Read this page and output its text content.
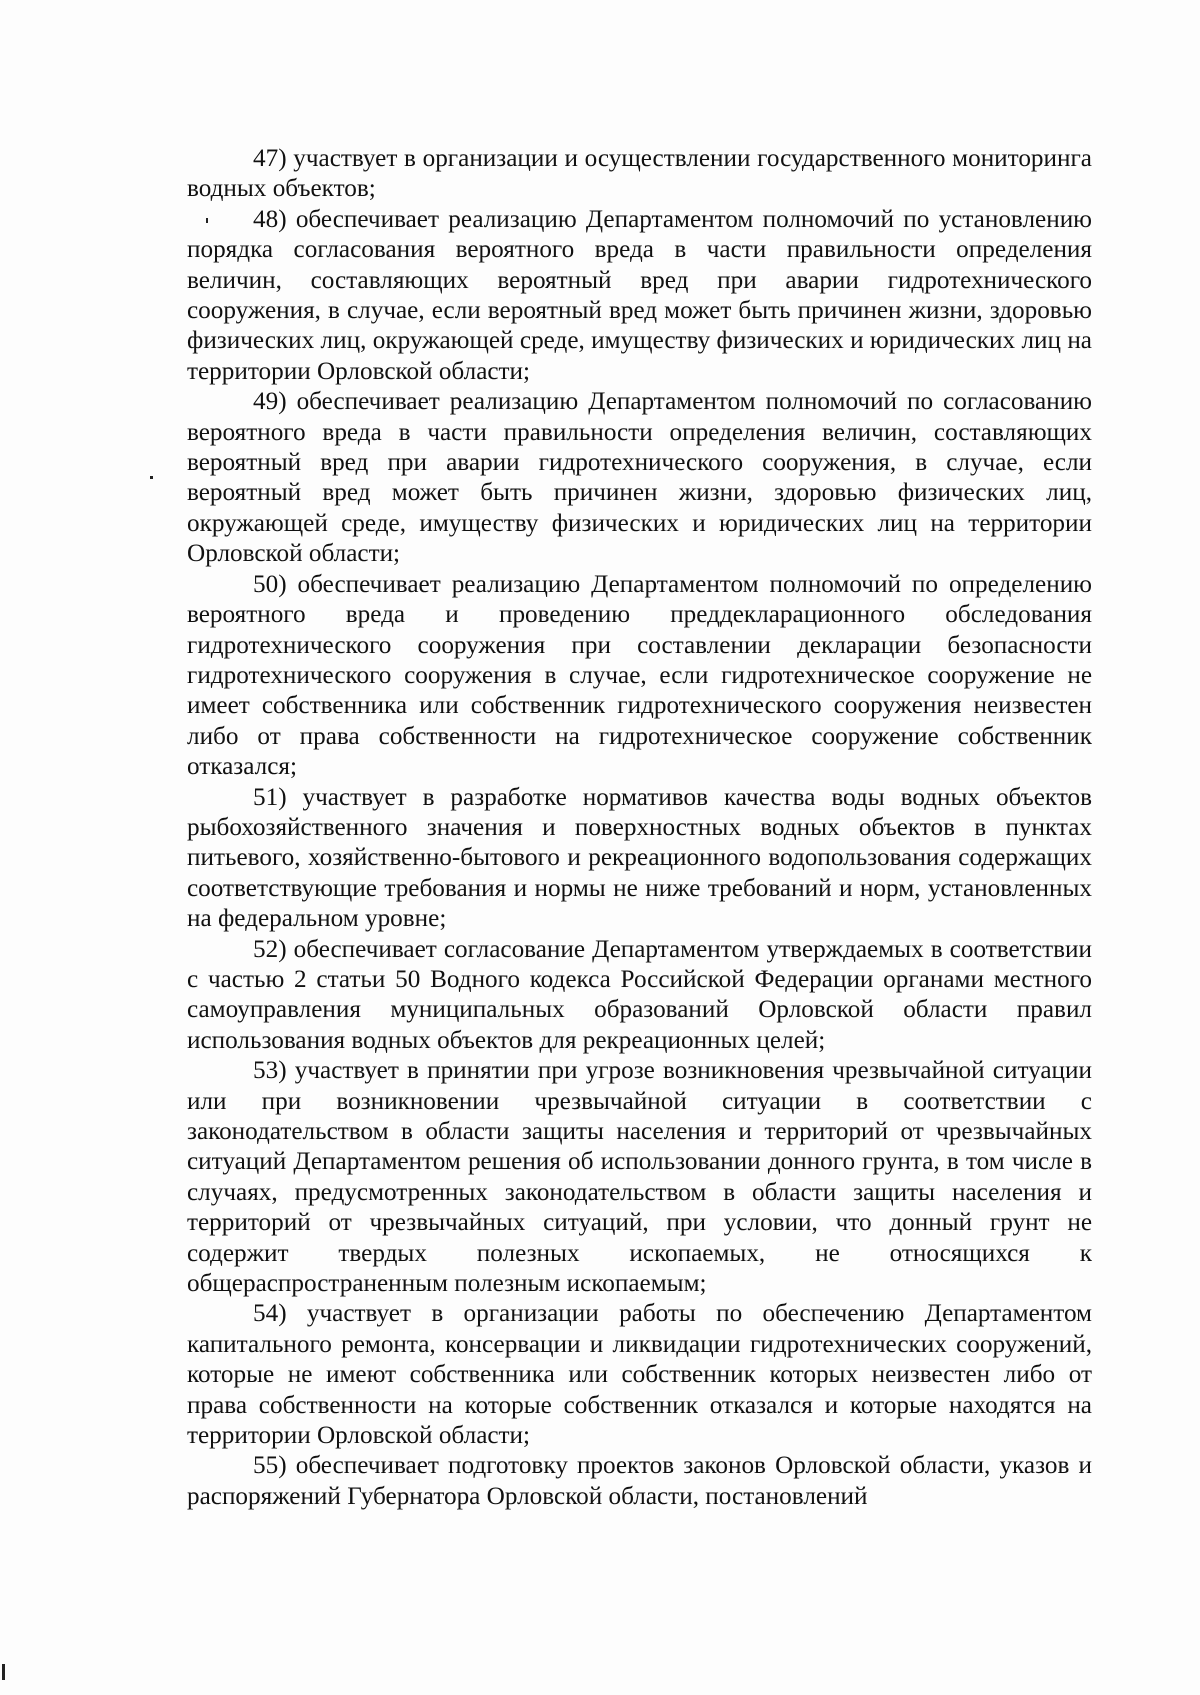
47) участвует в организации и осуществлении государственного мониторинга водных объектов;

48) обеспечивает реализацию Департаментом полномочий по установлению порядка согласования вероятного вреда в части правильности определения величин, составляющих вероятный вред при аварии гидротехнического сооружения, в случае, если вероятный вред может быть причинен жизни, здоровью физических лиц, окружающей среде, имуществу физических и юридических лиц на территории Орловской области;

49) обеспечивает реализацию Департаментом полномочий по согласованию вероятного вреда в части правильности определения величин, составляющих вероятный вред при аварии гидротехнического сооружения, в случае, если вероятный вред может быть причинен жизни, здоровью физических лиц, окружающей среде, имуществу физических и юридических лиц на территории Орловской области;

50) обеспечивает реализацию Департаментом полномочий по определению вероятного вреда и проведению преддекларационного обследования гидротехнического сооружения при составлении декларации безопасности гидротехнического сооружения в случае, если гидротехническое сооружение не имеет собственника или собственник гидротехнического сооружения неизвестен либо от права собственности на гидротехническое сооружение собственник отказался;

51) участвует в разработке нормативов качества воды водных объектов рыбохозяйственного значения и поверхностных водных объектов в пунктах питьевого, хозяйственно-бытового и рекреационного водопользования содержащих соответствующие требования и нормы не ниже требований и норм, установленных на федеральном уровне;

52) обеспечивает согласование Департаментом утверждаемых в соответствии с частью 2 статьи 50 Водного кодекса Российской Федерации органами местного самоуправления муниципальных образований Орловской области правил использования водных объектов для рекреационных целей;

53) участвует в принятии при угрозе возникновения чрезвычайной ситуации или при возникновении чрезвычайной ситуации в соответствии с законодательством в области защиты населения и территорий от чрезвычайных ситуаций Департаментом решения об использовании донного грунта, в том числе в случаях, предусмотренных законодательством в области защиты населения и территорий от чрезвычайных ситуаций, при условии, что донный грунт не содержит твердых полезных ископаемых, не относящихся к общераспространенным полезным ископаемым;

54) участвует в организации работы по обеспечению Департаментом капитального ремонта, консервации и ликвидации гидротехнических сооружений, которые не имеют собственника или собственник которых неизвестен либо от права собственности на которые собственник отказался и которые находятся на территории Орловской области;

55) обеспечивает подготовку проектов законов Орловской области, указов и распоряжений Губернатора Орловской области, постановлений
